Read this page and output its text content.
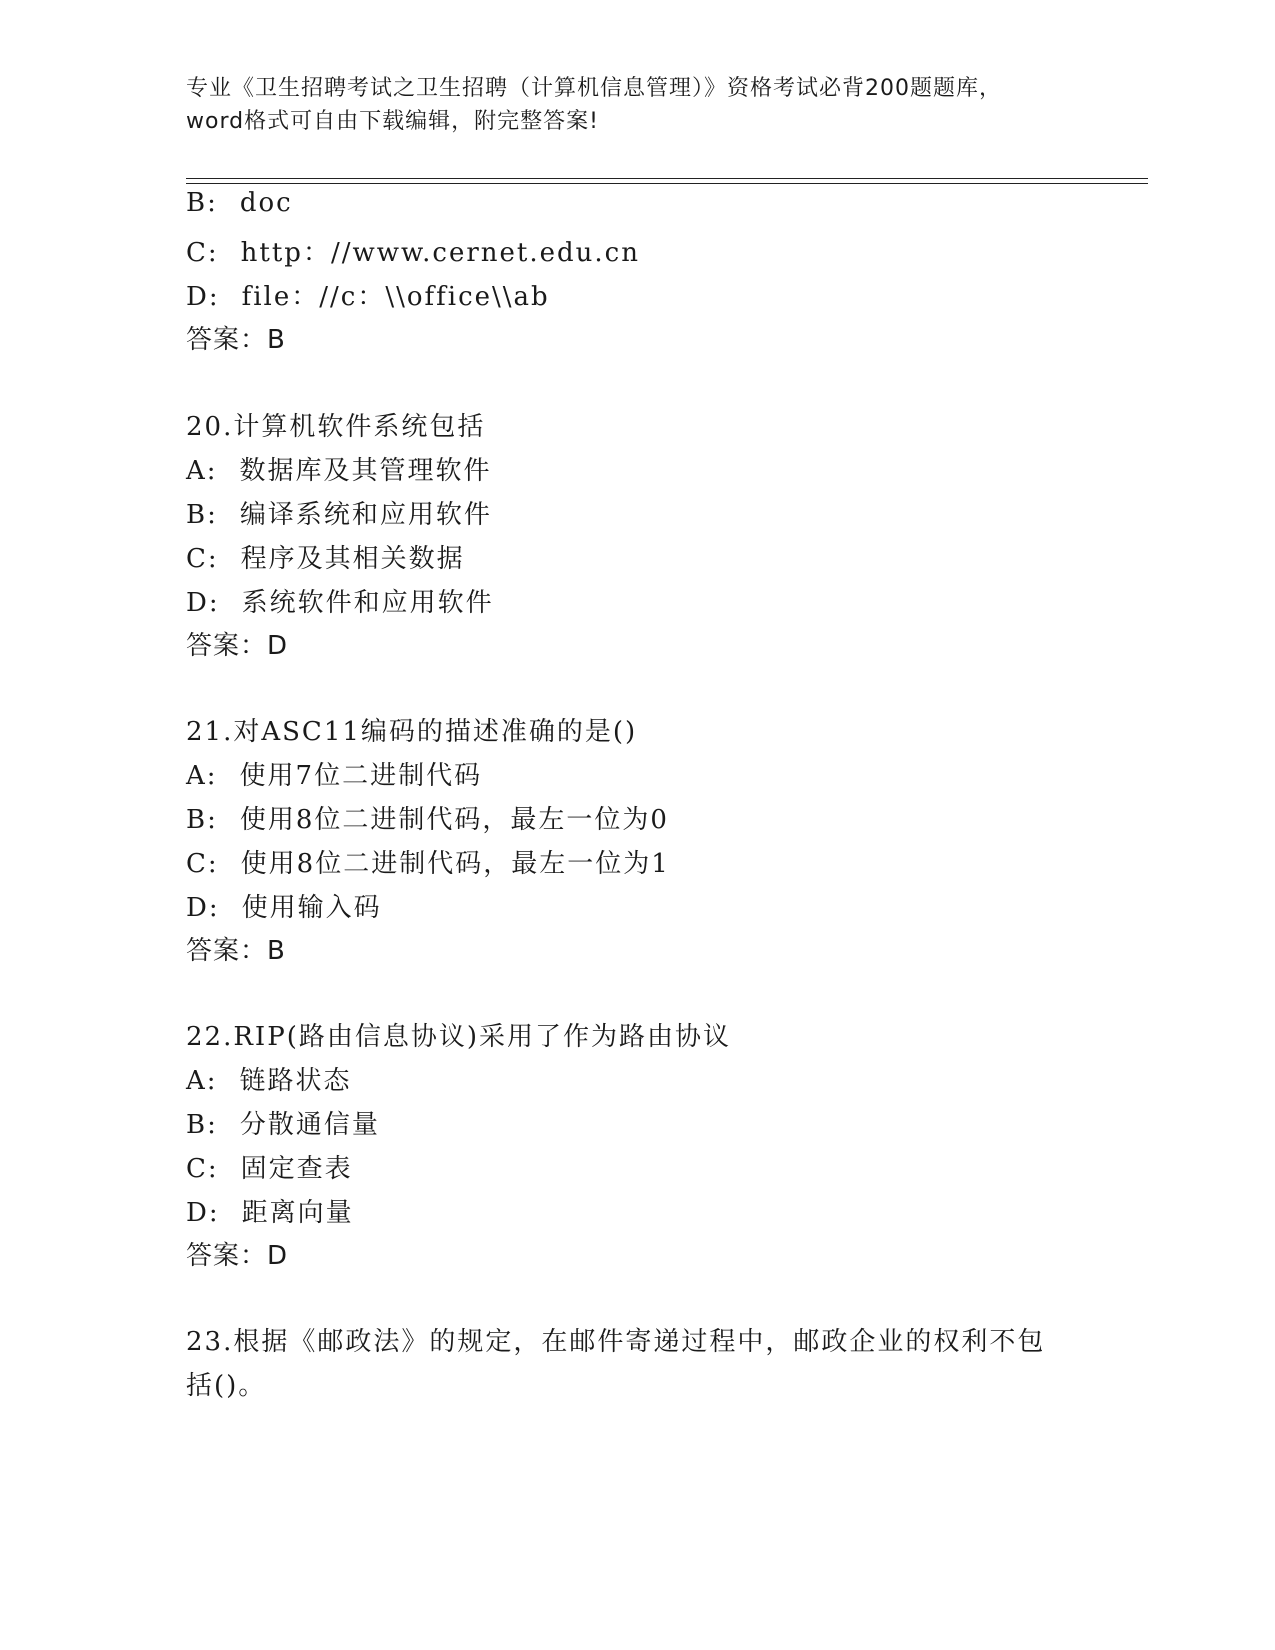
专业《卫生招聘考试之卫生招聘（计算机信息管理）》资格考试必背200题题库，
word格式可自由下载编辑，附完整答案!
B: doc
C: http：//www.cernet.edu.cn
D: file：//c：\\office\\ab
答案：B
20.计算机软件系统包括
A: 数据库及其管理软件
B: 编译系统和应用软件
C: 程序及其相关数据
D: 系统软件和应用软件
答案：D
21.对ASC11编码的描述准确的是()
A: 使用7位二进制代码
B: 使用8位二进制代码，最左一位为0
C: 使用8位二进制代码，最左一位为1
D: 使用输入码
答案：B
22.RIP(路由信息协议)采用了作为路由协议
A: 链路状态
B: 分散通信量
C: 固定查表
D: 距离向量
答案：D
23.根据《邮政法》的规定，在邮件寄递过程中，邮政企业的权利不包
括()。
